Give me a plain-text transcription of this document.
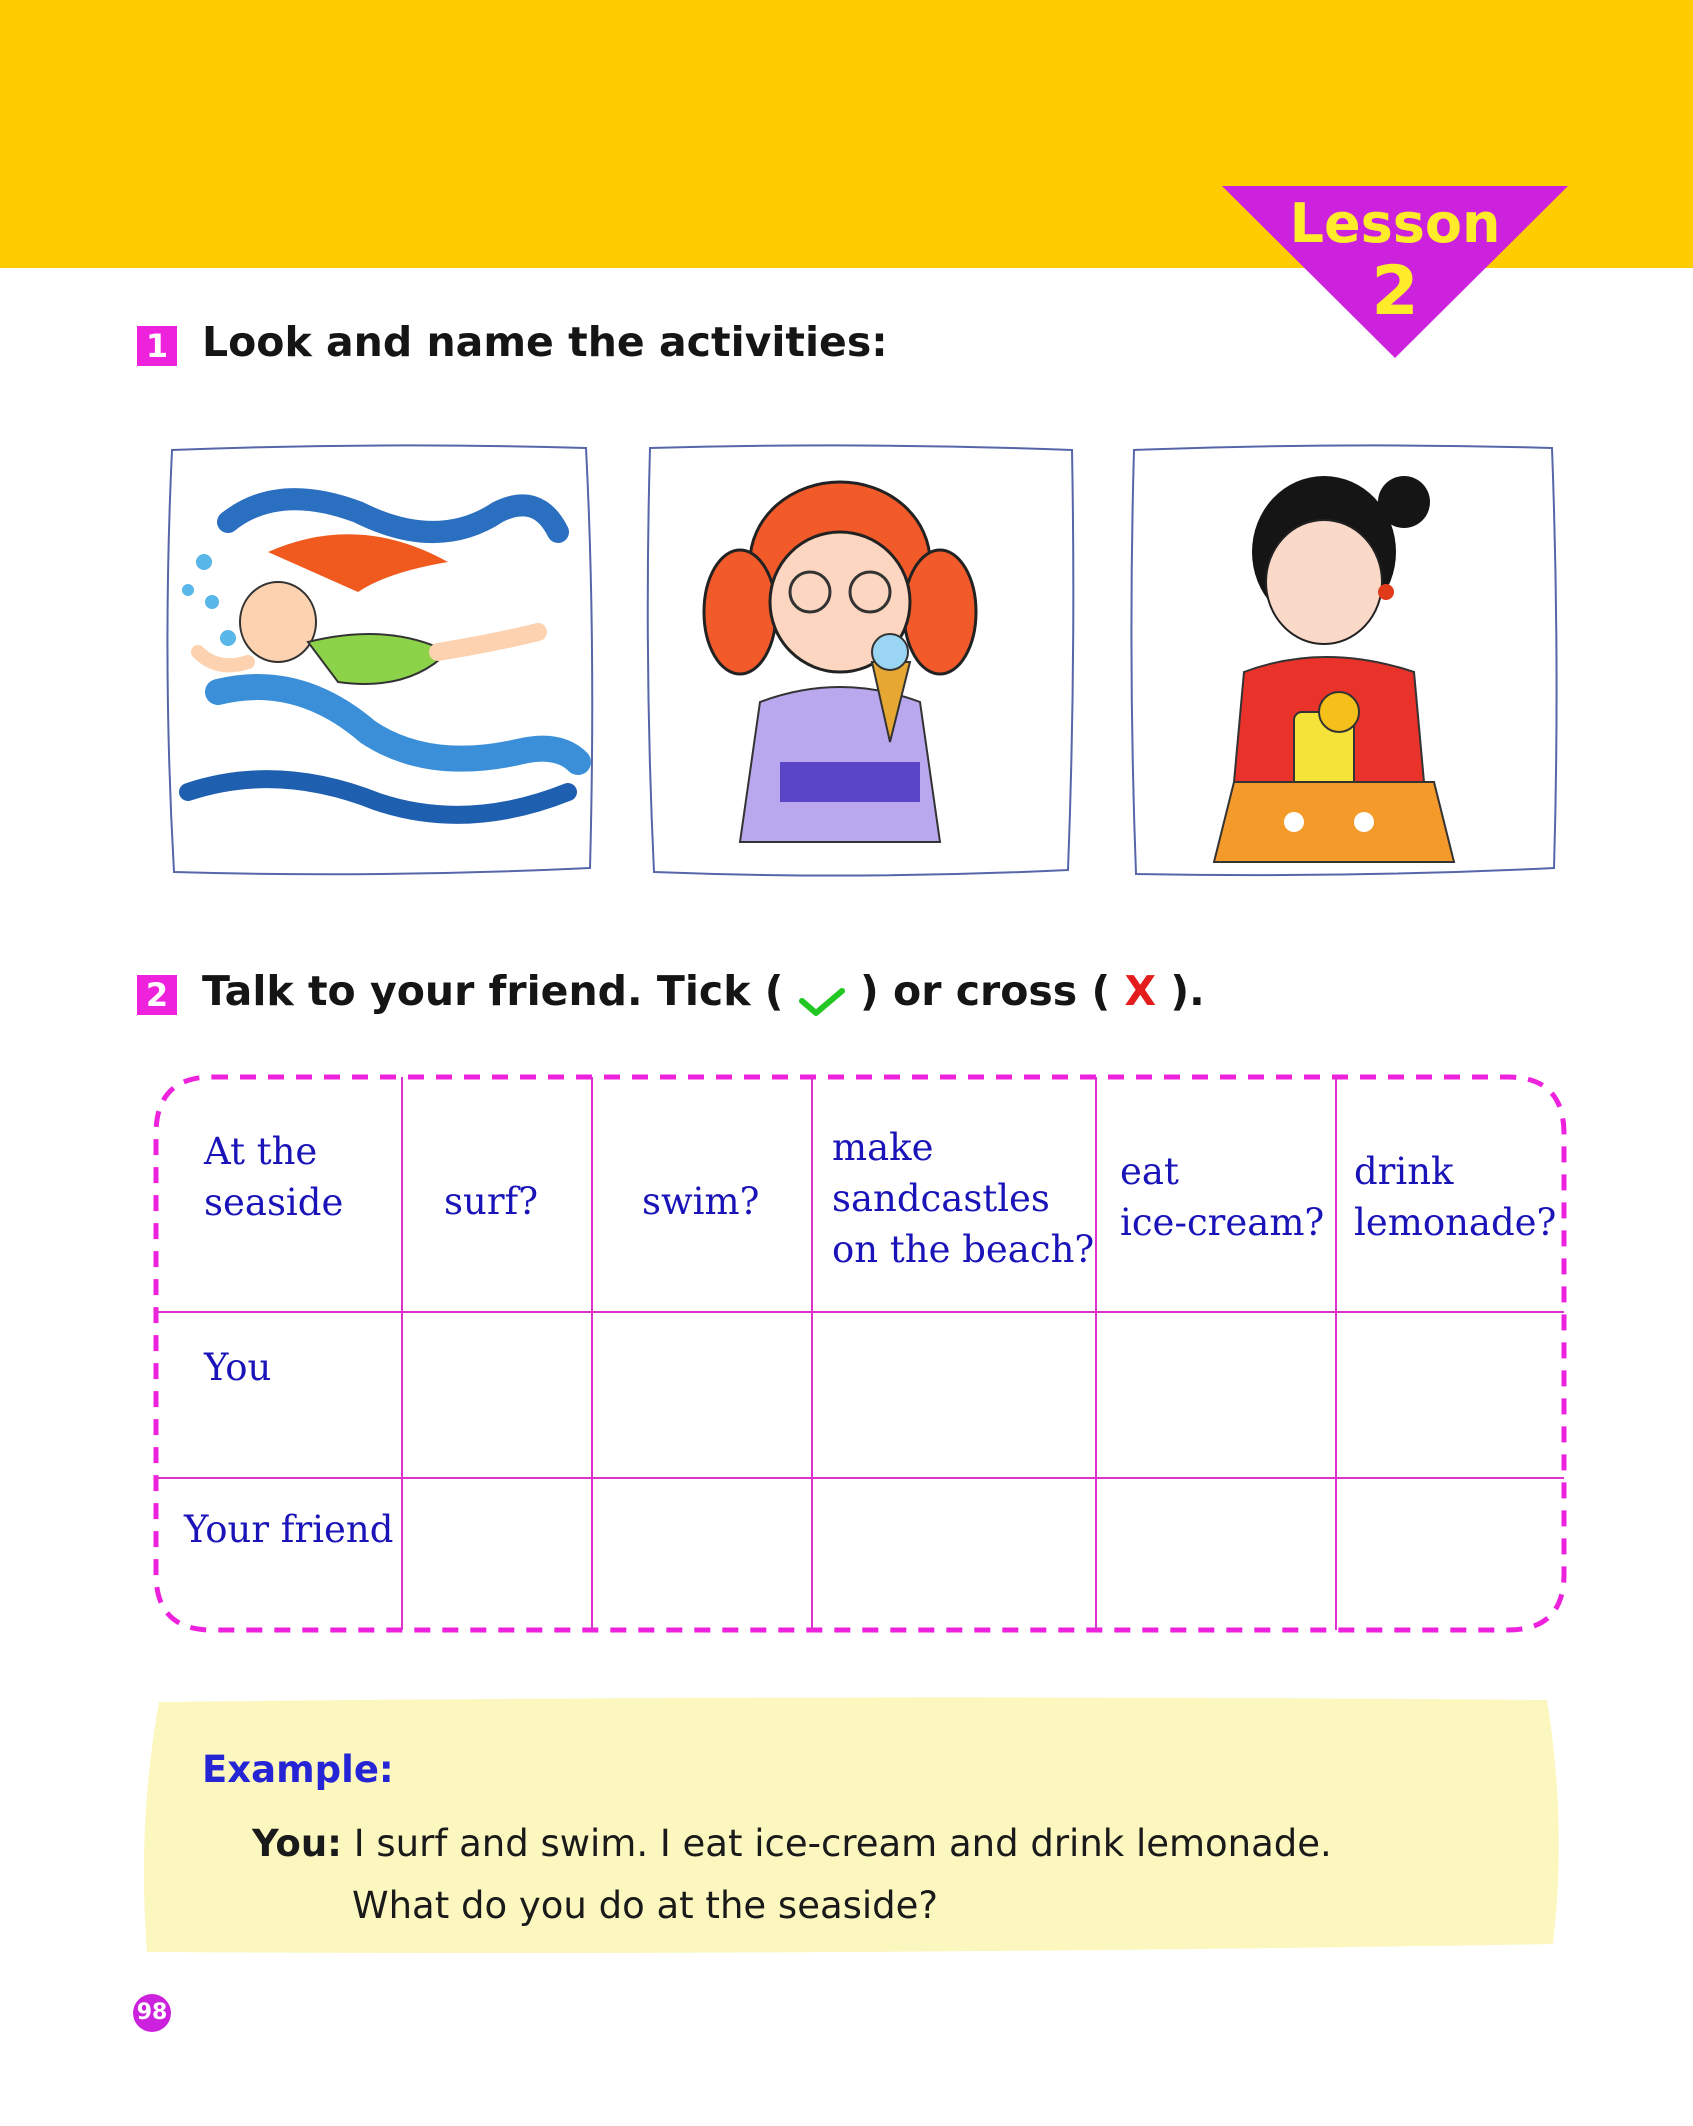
Lesson
2
1 Look and name the activities:
2 Talk to your friend. Tick ( ) or cross ( X ).
At the
seaside	surf?	swim?
make
sandcastles
on the beach?
eat
ice-cream?
drink
lemonade?
You
Your friend
Example:
You: I surf and swim. I eat ice-cream and drink lemonade.
What do you do at the seaside?
98
